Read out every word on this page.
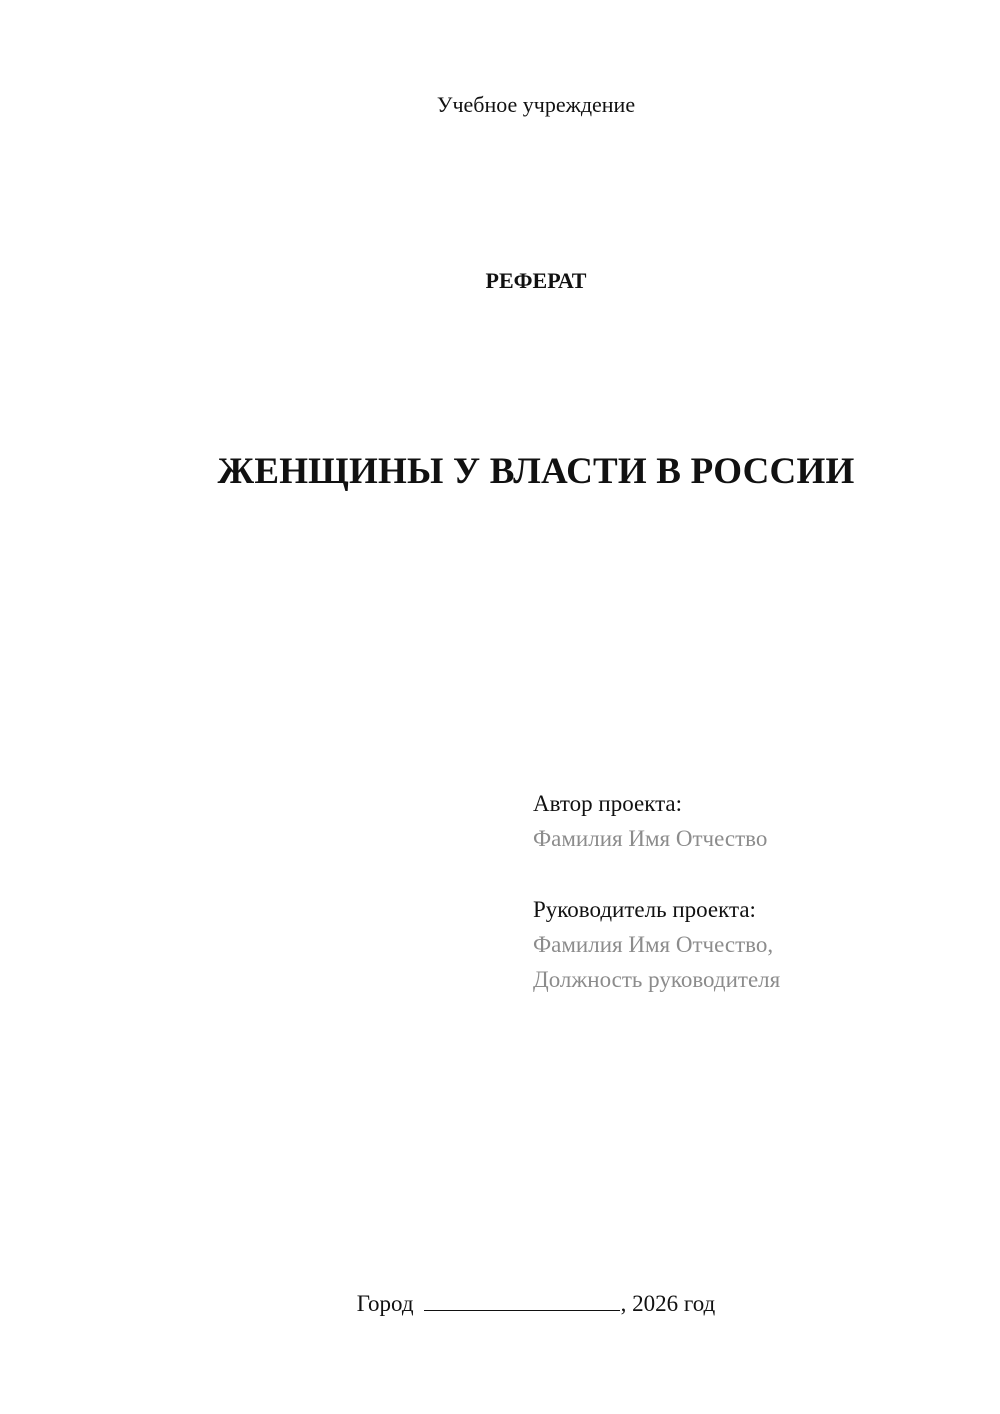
Учебное учреждение
РЕФЕРАТ
ЖЕНЩИНЫ У ВЛАСТИ В РОССИИ
Автор проекта:
Фамилия Имя Отчество
Руководитель проекта:
Фамилия Имя Отчество,
Должность руководителя
Город	, 2026 год
